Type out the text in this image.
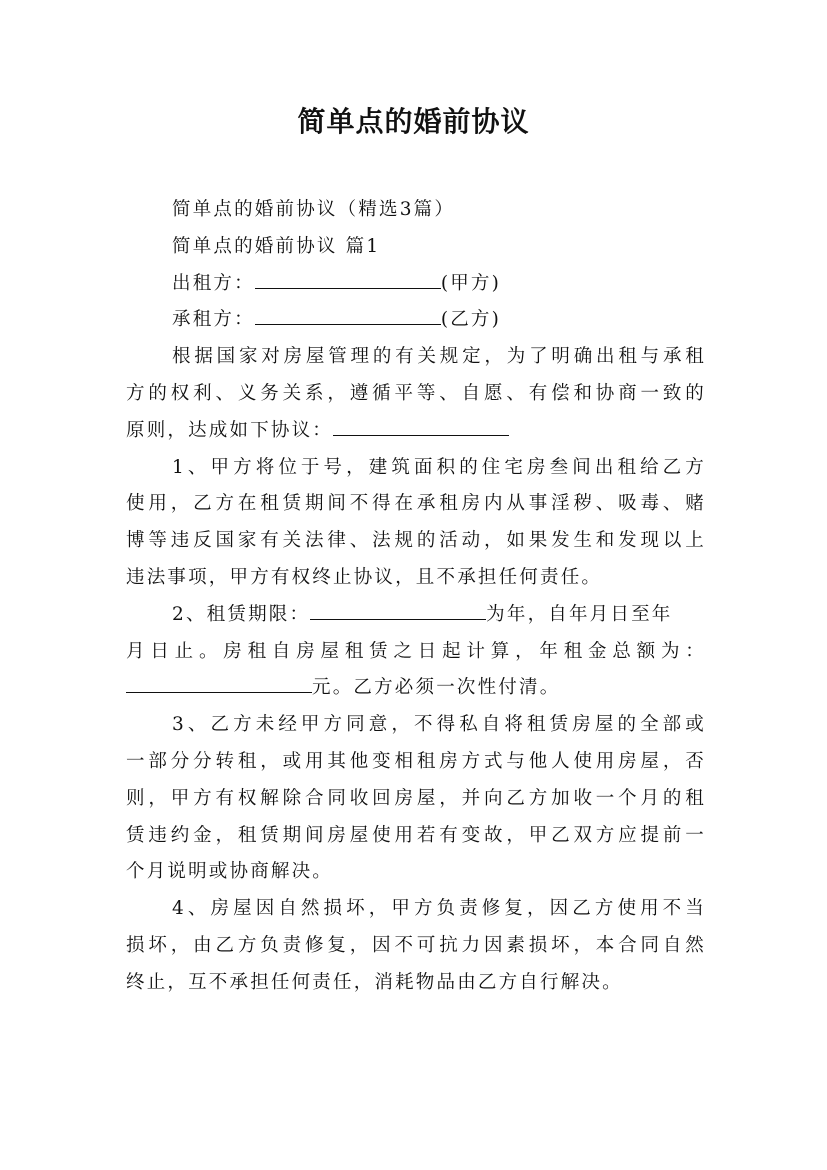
简单点的婚前协议
简单点的婚前协议（精选3篇）
简单点的婚前协议 篇1
出租方：	(甲方)
承租方：	(乙方)
根据国家对房屋管理的有关规定，为了明确出租与承租
方的权利、义务关系，遵循平等、自愿、有偿和协商一致的
原则，达成如下协议：
1、甲方将位于号，建筑面积的住宅房叁间出租给乙方
使用，乙方在租赁期间不得在承租房内从事淫秽、吸毒、赌
博等违反国家有关法律、法规的活动，如果发生和发现以上
违法事项，甲方有权终止协议，且不承担任何责任。
2、租赁期限：	为年，自年月日至年
月日止。房租自房屋租赁之日起计算，年租金总额为：
元。乙方必须一次性付清。
3、乙方未经甲方同意，不得私自将租赁房屋的全部或
一部分分转租，或用其他变相租房方式与他人使用房屋，否
则，甲方有权解除合同收回房屋，并向乙方加收一个月的租
赁违约金，租赁期间房屋使用若有变故，甲乙双方应提前一
个月说明或协商解决。
4、房屋因自然损坏，甲方负责修复，因乙方使用不当
损坏，由乙方负责修复，因不可抗力因素损坏，本合同自然
终止，互不承担任何责任，消耗物品由乙方自行解决。
